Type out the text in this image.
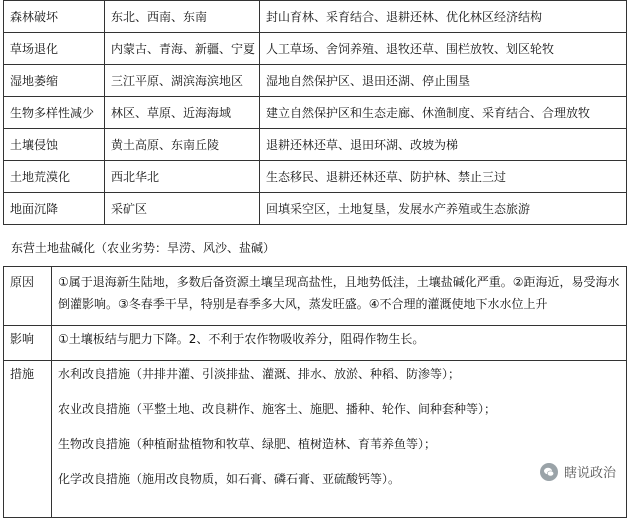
森林破坏	东北、西南、东南	封山育林、采育结合、退耕还林、优化林区经济结构
草场退化	内蒙古、青海、新疆、宁夏	人工草场、舍饲养殖、退牧还草、围栏放牧、划区轮牧
湿地萎缩	三江平原、湖滨海滨地区	湿地自然保护区、退田还湖、停止围垦
生物多样性减少	林区、草原、近海海域	建立自然保护区和生态走廊、休渔制度、采育结合、合理放牧
土壤侵蚀	黄土高原、东南丘陵	退耕还林还草、退田环湖、改坡为梯
土地荒漠化	西北华北	生态移民、退耕还林还草、防护林、禁止三过
地面沉降	采矿区	回填采空区，土地复垦，发展水产养殖或生态旅游
东营土地盐碱化（农业劣势：旱涝、风沙、盐碱）
原因	①属于退海新生陆地，多数后备资源土壤呈现高盐性，且地势低洼，土壤盐碱化严重。②距海近，易受海水倒灌影响。③冬春季干旱，特别是春季多大风，蒸发旺盛。④不合理的灌溉使地下水水位上升

影响	①土壤板结与肥力下降。2、不利于农作物吸收养分，阻碍作物生长。
措施	水利改良措施（井排井灌、引淡排盐、灌溉、排水、放淤、种稻、防渗等）；

农业改良措施（平整土地、改良耕作、施客土、施肥、播种、轮作、间种套种等）；

生物改良措施（种植耐盐植物和牧草、绿肥、植树造林、育苇养鱼等）；

化学改良措施（施用改良物质，如石膏、磷石膏、亚硫酸钙等）。	瞎说政治
